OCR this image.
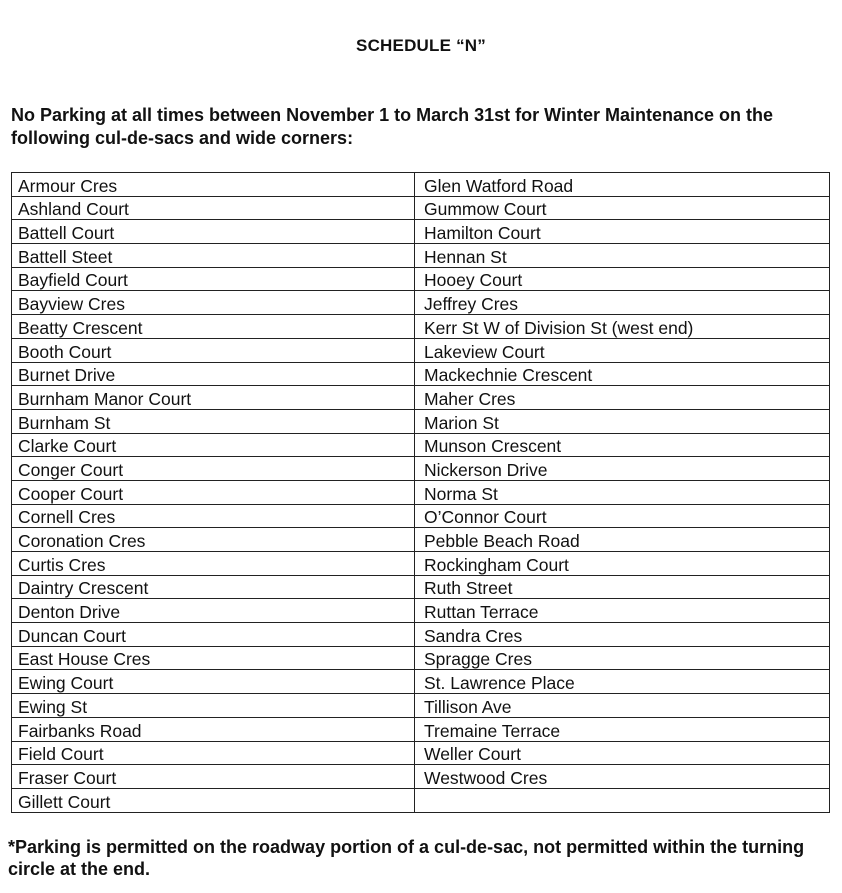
SCHEDULE “N”
No Parking at all times between November 1 to March 31st for Winter Maintenance on the following cul-de-sacs and wide corners:
Armour Cres	Glen Watford Road
Ashland Court	Gummow Court
Battell Court	Hamilton Court
Battell Steet	Hennan St
Bayfield Court	Hooey Court
Bayview Cres	Jeffrey Cres
Beatty Crescent	Kerr St W of Division St (west end)
Booth Court	Lakeview Court
Burnet Drive	Mackechnie Crescent
Burnham Manor Court	Maher Cres
Burnham St	Marion St
Clarke Court	Munson Crescent
Conger Court	Nickerson Drive
Cooper Court	Norma St
Cornell Cres	O’Connor Court
Coronation Cres	Pebble Beach Road
Curtis Cres	Rockingham Court
Daintry Crescent	Ruth Street
Denton Drive	Ruttan Terrace
Duncan Court	Sandra Cres
East House Cres	Spragge Cres
Ewing Court	St. Lawrence Place
Ewing St	Tillison Ave
Fairbanks Road	Tremaine Terrace
Field Court	Weller Court
Fraser Court	Westwood Cres
Gillett Court	
*Parking is permitted on the roadway portion of a cul-de-sac, not permitted within the turning circle at the end.
